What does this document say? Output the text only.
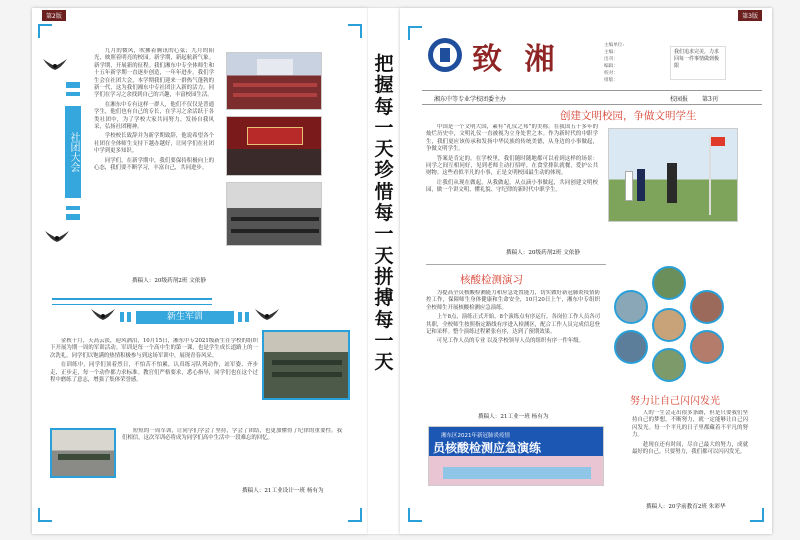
第2版
社团大会

九月的微风，吹拂着腾讯的心弦；九月的阳光，映照着明亮的校园。新学期，新起航新气象。新学期，开展新的征程。我们湘东中专全体师生和十五年新学期一直逐步创造，一年年进步。我们学生会在社团大会，本学期我们迎来一群热气蓬勃的新一代，这为我们湘东中专社团注入新的活力。同学们在学习之余找到自己的兴趣，丰富校园生活。

在湘东中专有这样一群人，他们不仅仅是普通学生，他们也有自己的专长，在学习之余活跃于各类社团中，为了学校大家共同努力，发扬自我风采，弘扬社团精神。

学校校长致辞并为新学期致辞，他说希望各个社团在全体师生支持下越办越好，让同学们在社团中学到更多知识。

同学们，在新学期中，我们要保持积极向上的心态，我们要不断学习，丰富自己，共同进步。

撰稿人：20级药剂2班 文依静
新生军训

金秋十月，天高云淡，迎风洒泪，10月15日，湘东中专2021级新生在学校的组织下开展为期一周的军训活动。军训是每一个高中生的第一课，也是学生成长道路上的一次洗礼，同学们以饱满的热情积极参与到这场军训中，展现青春风采。

在训练中，同学们顶着烈日，不怕苦不怕累，认真练习队列动作，站军姿、齐步走、正步走，每一个动作都力求标准。教官们严格要求，悉心指导，同学们也在这个过程中磨练了意志，增强了集体荣誉感。

短短的一周军训，让同学们学会了坚持，学会了团结，也更加懂得了纪律的重要性。我们相信，这次军训必将成为同学们高中生活中一段难忘的回忆。

撰稿人：21工业设计一班 杨有为
把握每一天 珍惜每一天 拼搏每一天
第3版
致 湘	主编单位:
主编：
出刊：
编辑：
校对：
排版：
我们追求完美，力求回每一件事情做到极限
湘东中等专业学校团委主办	校园报 第3刊
创建文明校园，争做文明学生

中国是一个文明大国，素有“礼仪之邦”的美称。在我国五千多年的灿烂历史中，文明礼仪一直被视为立身处世之本。作为新时代的中职学生，我们更应该传承和发扬中华民族的传统美德，从身边的小事做起，争做文明学生。

答案是肯定的。在学校里，我们随时随地都可以看到这样的场景：同学之间互相问好，见到老师主动打招呼，在食堂排队就餐，爱护公共财物。这些看似平凡的小事，正是文明校园最生动的体现。

让我们从现在做起，从我做起，从点滴小事做起，共同创建文明校园，做一个讲文明、懂礼貌、守纪律的新时代中职学生。

撰稿人：20级药剂2班 文依静
核酸检测演习

为提高全员核酸检测能力和应急处置能力，切实做好新冠肺炎疫情防控工作，保障师生身体健康和生命安全，10月20日上午，湘东中专组织全校师生开展核酸检测应急演练。

上午8点，演练正式开始，8个演练点有序运行，各岗位工作人员各司其职，全校师生按照指定路线有序进入检测区，配合工作人员完成信息登记和采样。整个演练过程紧张有序，达到了预期效果。

可见工作人员的专业 以及学校领导人员的组织有序一件年级。

撰稿人：21工业一班 杨有为
湘东区2021年新冠肺炎疫情
员核酸检测应急演练
努力让自己闪闪发光

人的一生会走出很多条路，但是只要我们坚持自己的梦想，不断努力，就一定能够让自己闪闪发光。每一个平凡的日子里都藏着不平凡的努力。

趁现在还有时间，尽自己最大的努力，成就最好的自己。只要努力，我们都可以闪闪发光。

撰稿人：20学前教育2班 朱彩华
